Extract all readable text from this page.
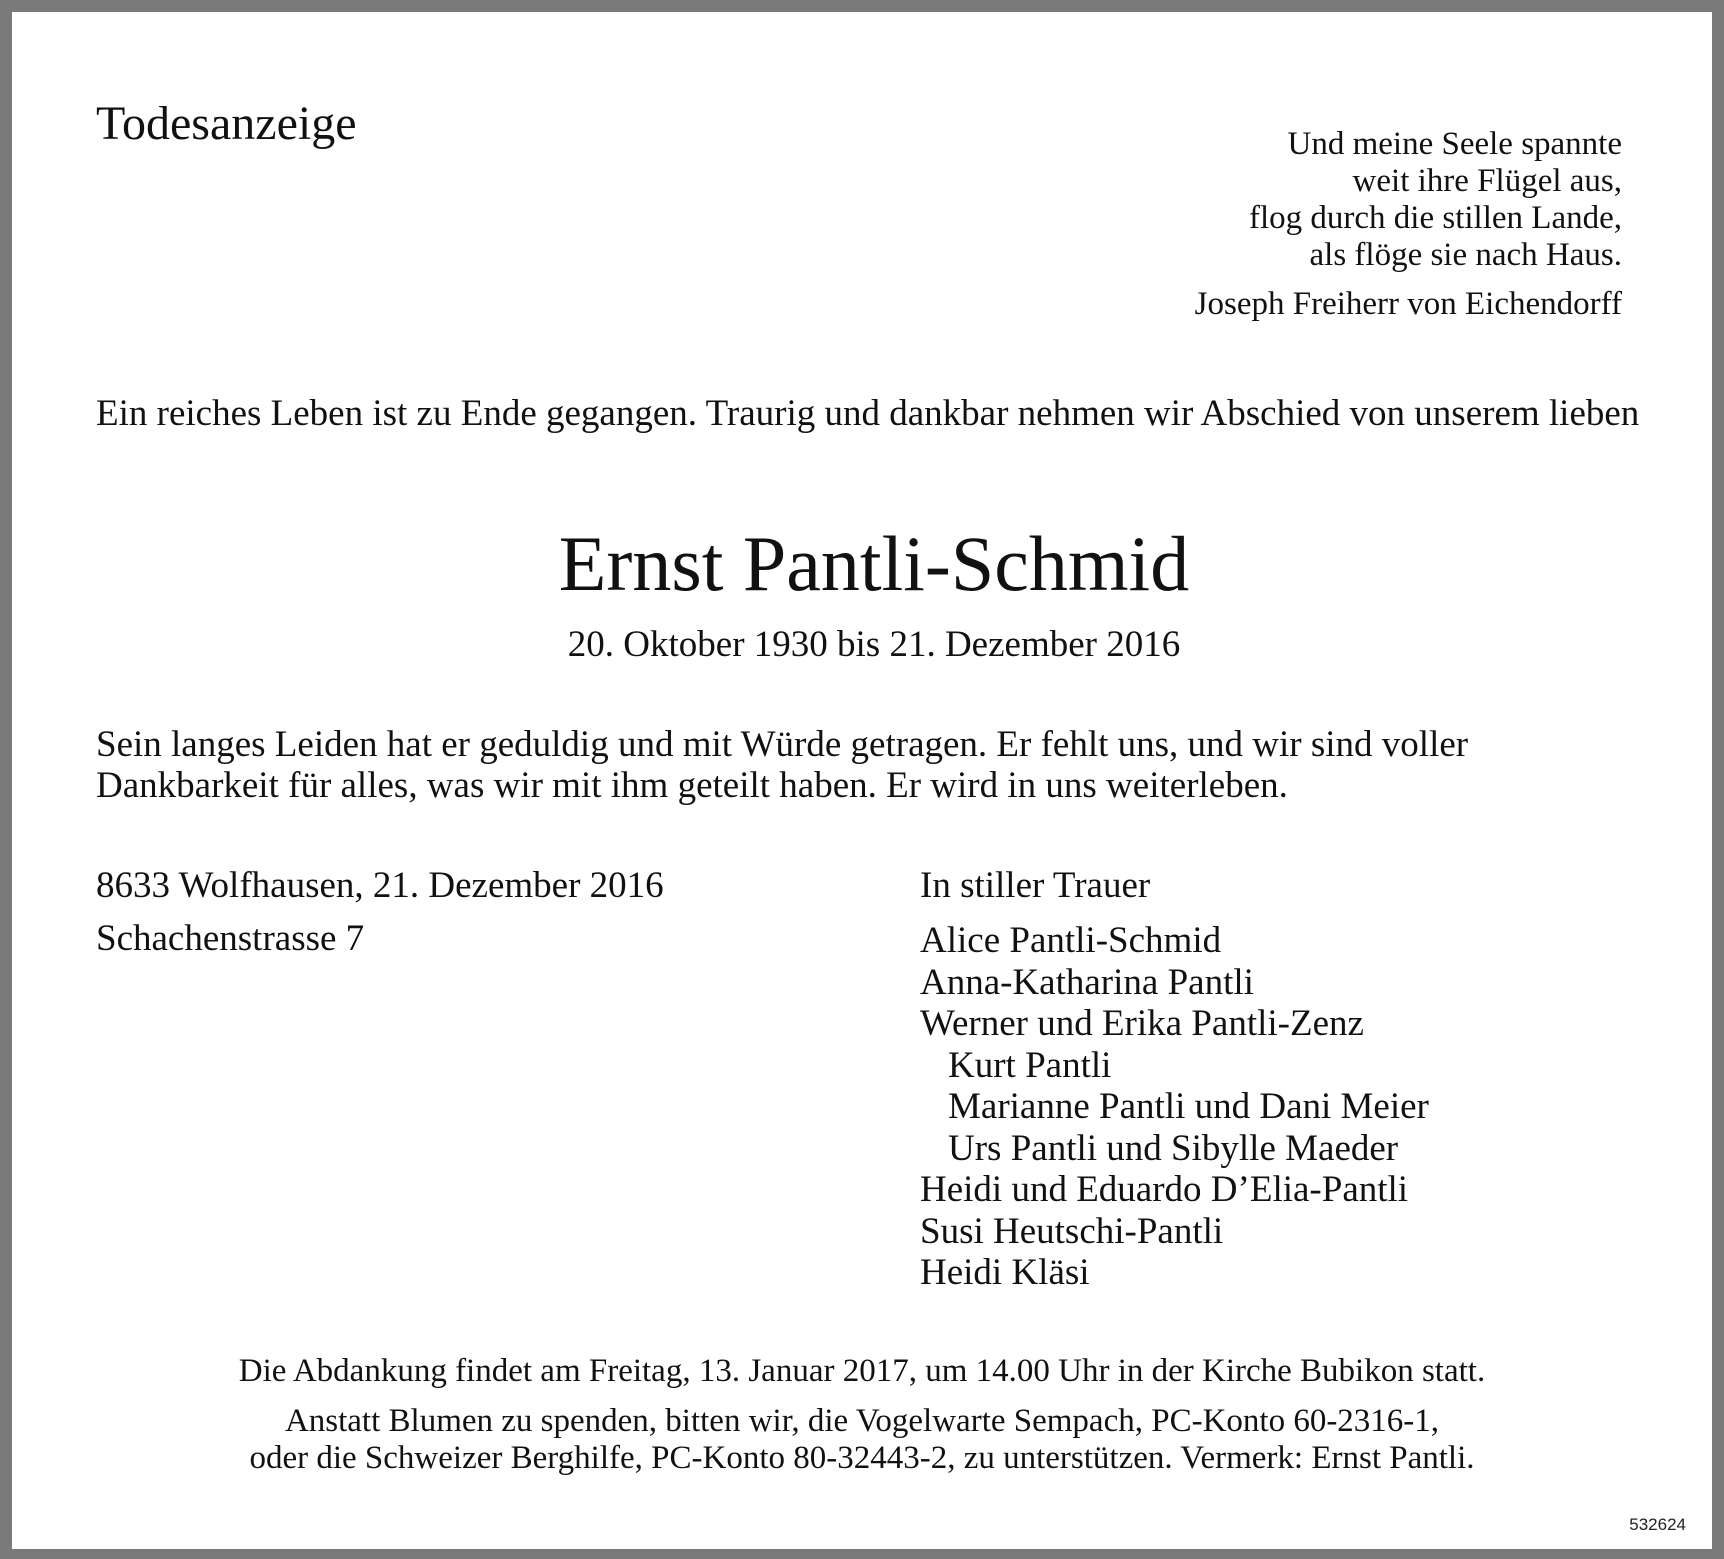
Todesanzeige	Und meine Seele spannte
weit ihre Flügel aus,
flog durch die stillen Lande,
als flöge sie nach Haus.
Joseph Freiherr von Eichendorff
Ein reiches Leben ist zu Ende gegangen. Traurig und dankbar nehmen wir Abschied von unserem lieben
Ernst Pantli-Schmid
20. Oktober 1930 bis 21. Dezember 2016
Sein langes Leiden hat er geduldig und mit Würde getragen. Er fehlt uns, und wir sind voller
Dankbarkeit für alles, was wir mit ihm geteilt haben. Er wird in uns weiterleben.
8633 Wolfhausen, 21. Dezember 2016
Schachenstrasse 7
In stiller Trauer
Alice Pantli-Schmid
Anna-Katharina Pantli
Werner und Erika Pantli-Zenz
Kurt Pantli
Marianne Pantli und Dani Meier
Urs Pantli und Sibylle Maeder
Heidi und Eduardo D’Elia-Pantli
Susi Heutschi-Pantli
Heidi Kläsi
Die Abdankung findet am Freitag, 13. Januar 2017, um 14.00 Uhr in der Kirche Bubikon statt.
Anstatt Blumen zu spenden, bitten wir, die Vogelwarte Sempach, PC-Konto 60-2316-1,
oder die Schweizer Berghilfe, PC-Konto 80-32443-2, zu unterstützen. Vermerk: Ernst Pantli.
532624
